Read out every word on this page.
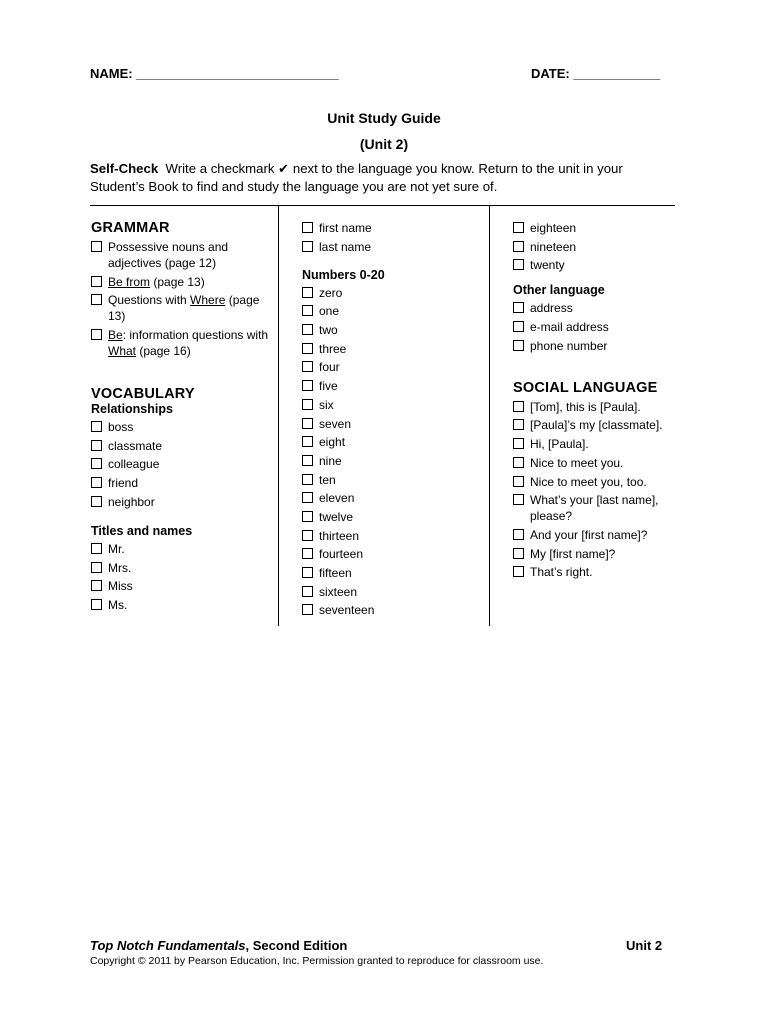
NAME: ____________________________	DATE: ____________
Unit Study Guide
(Unit 2)
Self-Check Write a checkmark ✔ next to the language you know. Return to the unit in your Student’s Book to find and study the language you are not yet sure of.
GRAMMAR
Possessive nouns and adjectives (page 12)
Be from (page 13)
Questions with Where (page 13)
Be: information questions with What (page 16)
VOCABULARY
Relationships
boss
classmate
colleague
friend
neighbor
Titles and names
Mr.
Mrs.
Miss
Ms.
first name
last name
Numbers 0-20
zero
one
two
three
four
five
six
seven
eight
nine
ten
eleven
twelve
thirteen
fourteen
fifteen
sixteen
seventeen
eighteen
nineteen
twenty
Other language
address
e-mail address
phone number
SOCIAL LANGUAGE
[Tom], this is [Paula].
[Paula]’s my [classmate].
Hi, [Paula].
Nice to meet you.
Nice to meet you, too.
What’s your [last name], please?
And your [first name]?
My [first name]?
That’s right.
Top Notch Fundamentals, Second Edition	Unit 2
Copyright © 2011 by Pearson Education, Inc. Permission granted to reproduce for classroom use.
